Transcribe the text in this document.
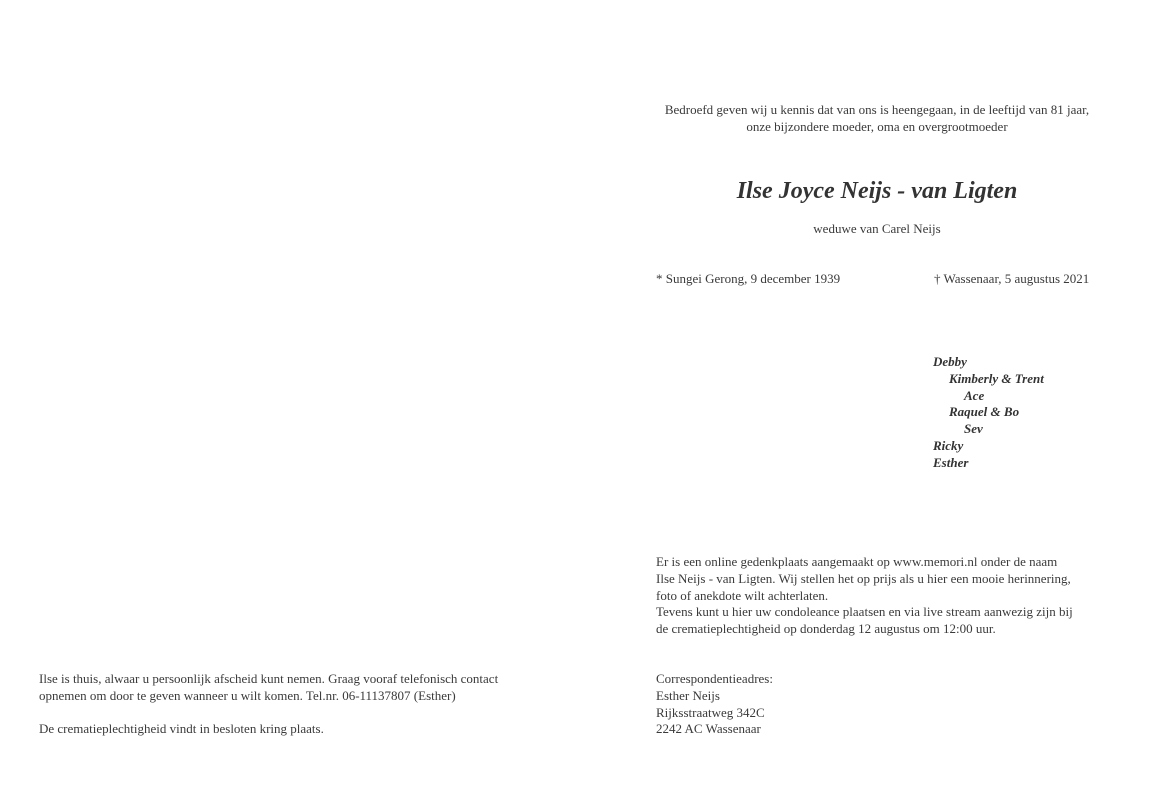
Bedroefd geven wij u kennis dat van ons is heengegaan, in de leeftijd van 81 jaar,
onze bijzondere moeder, oma en overgrootmoeder
Ilse Joyce Neijs - van Ligten
weduwe van Carel Neijs
* Sungei Gerong, 9 december 1939	† Wassenaar, 5 augustus 2021
Debby
Kimberly & Trent
Ace
Raquel & Bo
Sev
Ricky
Esther
Er is een online gedenkplaats aangemaakt op www.memori.nl onder de naam
Ilse Neijs - van Ligten. Wij stellen het op prijs als u hier een mooie herinnering,
foto of anekdote wilt achterlaten.
Tevens kunt u hier uw condoleance plaatsen en via live stream aanwezig zijn bij
de crematieplechtigheid op donderdag 12 augustus om 12:00 uur.
Correspondentieadres:
Esther Neijs
Rijksstraatweg 342C
2242 AC Wassenaar
Ilse is thuis, alwaar u persoonlijk afscheid kunt nemen. Graag vooraf telefonisch contact
opnemen om door te geven wanneer u wilt komen. Tel.nr. 06-11137807 (Esther)
De crematieplechtigheid vindt in besloten kring plaats.
